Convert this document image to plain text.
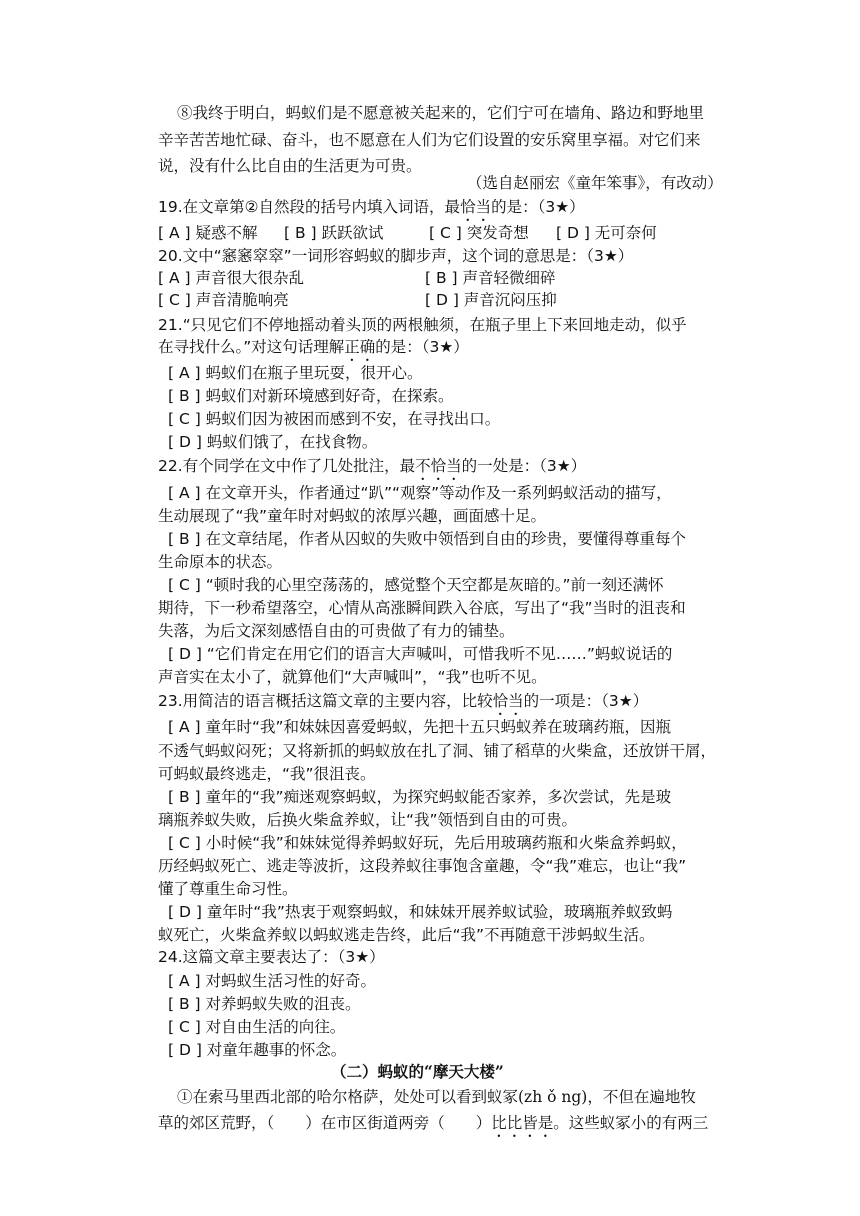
⑧我终于明白，蚂蚁们是不愿意被关起来的，它们宁可在墙角、路边和野地里
辛辛苦苦地忙碌、奋斗，也不愿意在人们为它们设置的安乐窝里享福。对它们来
说，没有什么比自由的生活更为可贵。
（选自赵丽宏《童年笨事》，有改动）
19.在文章第②自然段的括号内填入词语，最恰当的是：（3★）
[ A ] 疑惑不解 [ B ] 跃跃欲试	[ C ] 突发奇想 [ D ] 无可奈何
20.文中“窸窸窣窣”一词形容蚂蚁的脚步声，这个词的意思是：（3★）
[ A ] 声音很大很杂乱	[ B ] 声音轻微细碎
[ C ] 声音清脆响亮	[ D ] 声音沉闷压抑
21.“只见它们不停地摇动着头顶的两根触须，在瓶子里上下来回地走动，似乎
在寻找什么。”对这句话理解正确的是：（3★）
[ A ] 蚂蚁们在瓶子里玩耍，很开心。
[ B ] 蚂蚁们对新环境感到好奇，在探索。
[ C ] 蚂蚁们因为被困而感到不安，在寻找出口。
[ D ] 蚂蚁们饿了，在找食物。
22.有个同学在文中作了几处批注，最不恰当的一处是：（3★）
[ A ] 在文章开头，作者通过“趴”“观察”等动作及一系列蚂蚁活动的描写，
生动展现了“我”童年时对蚂蚁的浓厚兴趣，画面感十足。
[ B ] 在文章结尾，作者从囚蚁的失败中领悟到自由的珍贵，要懂得尊重每个
生命原本的状态。
[ C ] “顿时我的心里空荡荡的，感觉整个天空都是灰暗的。”前一刻还满怀
期待，下一秒希望落空，心情从高涨瞬间跌入谷底，写出了“我”当时的沮丧和
失落，为后文深刻感悟自由的可贵做了有力的铺垫。
[ D ] “它们肯定在用它们的语言大声喊叫，可惜我听不见……”蚂蚁说话的
声音实在太小了，就算他们“大声喊叫”，“我”也听不见。
23.用简洁的语言概括这篇文章的主要内容，比较恰当的一项是：（3★）
[ A ] 童年时“我”和妹妹因喜爱蚂蚁，先把十五只蚂蚁养在玻璃药瓶，因瓶
不透气蚂蚁闷死；又将新抓的蚂蚁放在扎了洞、铺了稻草的火柴盒，还放饼干屑，
可蚂蚁最终逃走，“我”很沮丧。
[ B ] 童年的“我”痴迷观察蚂蚁，为探究蚂蚁能否家养，多次尝试，先是玻
璃瓶养蚁失败，后换火柴盒养蚁，让“我”领悟到自由的可贵。
[ C ] 小时候“我”和妹妹觉得养蚂蚁好玩，先后用玻璃药瓶和火柴盒养蚂蚁，
历经蚂蚁死亡、逃走等波折，这段养蚁往事饱含童趣，令“我”难忘，也让“我”
懂了尊重生命习性。
[ D ] 童年时“我”热衷于观察蚂蚁，和妹妹开展养蚁试验，玻璃瓶养蚁致蚂
蚁死亡，火柴盒养蚁以蚂蚁逃走告终，此后“我”不再随意干涉蚂蚁生活。
24.这篇文章主要表达了：（3★）
[ A ] 对蚂蚁生活习性的好奇。
[ B ] 对养蚂蚁失败的沮丧。
[ C ] 对自由生活的向往。
[ D ] 对童年趣事的怀念。
（二）蚂蚁的“摩天大楼”
①在索马里西北部的哈尔格萨，处处可以看到蚁冢(zh ǒ ng)，不但在遍地牧
草的郊区荒野，（　　）在市区街道两旁（　　）比比皆是。这些蚁冢小的有两三
